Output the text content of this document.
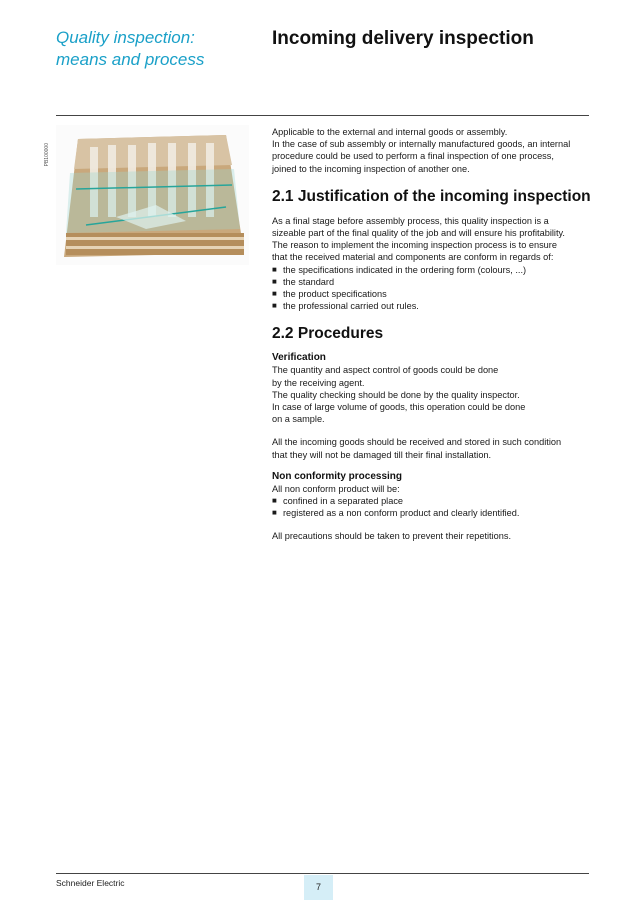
Quality inspection:
means and process
Incoming delivery inspection
PB100000

Applicable to the external and internal goods or assembly.

In the case of sub assembly or internally manufactured goods, an internal

procedure could be used to perform a final inspection of one process,

joined to the incoming inspection of another one.

2.1 Justification of the incoming inspection

As a final stage before assembly process, this quality inspection is a

sizeable part of the final quality of the job and will ensure his profitability.

The reason to implement the incoming inspection process is to ensure

that the received material and components are conform in regards of:

■ the specifications indicated in the ordering form (colours, ...)
■ the standard
■ the product specifications
■ the professional carried out rules.
2.2 Procedures
Verification

The quantity and aspect control of goods could be done

by the receiving agent.

The quality checking should be done by the quality inspector.

In case of large volume of goods, this operation could be done

on a sample.

All the incoming goods should be received and stored in such condition

that they will not be damaged till their final installation.

Non conformity processing

All non conform product will be:

■ confined in a separated place
■ registered as a non conform product and clearly identified.

All precautions should be taken to prevent their repetitions.

Schneider Electric	7
